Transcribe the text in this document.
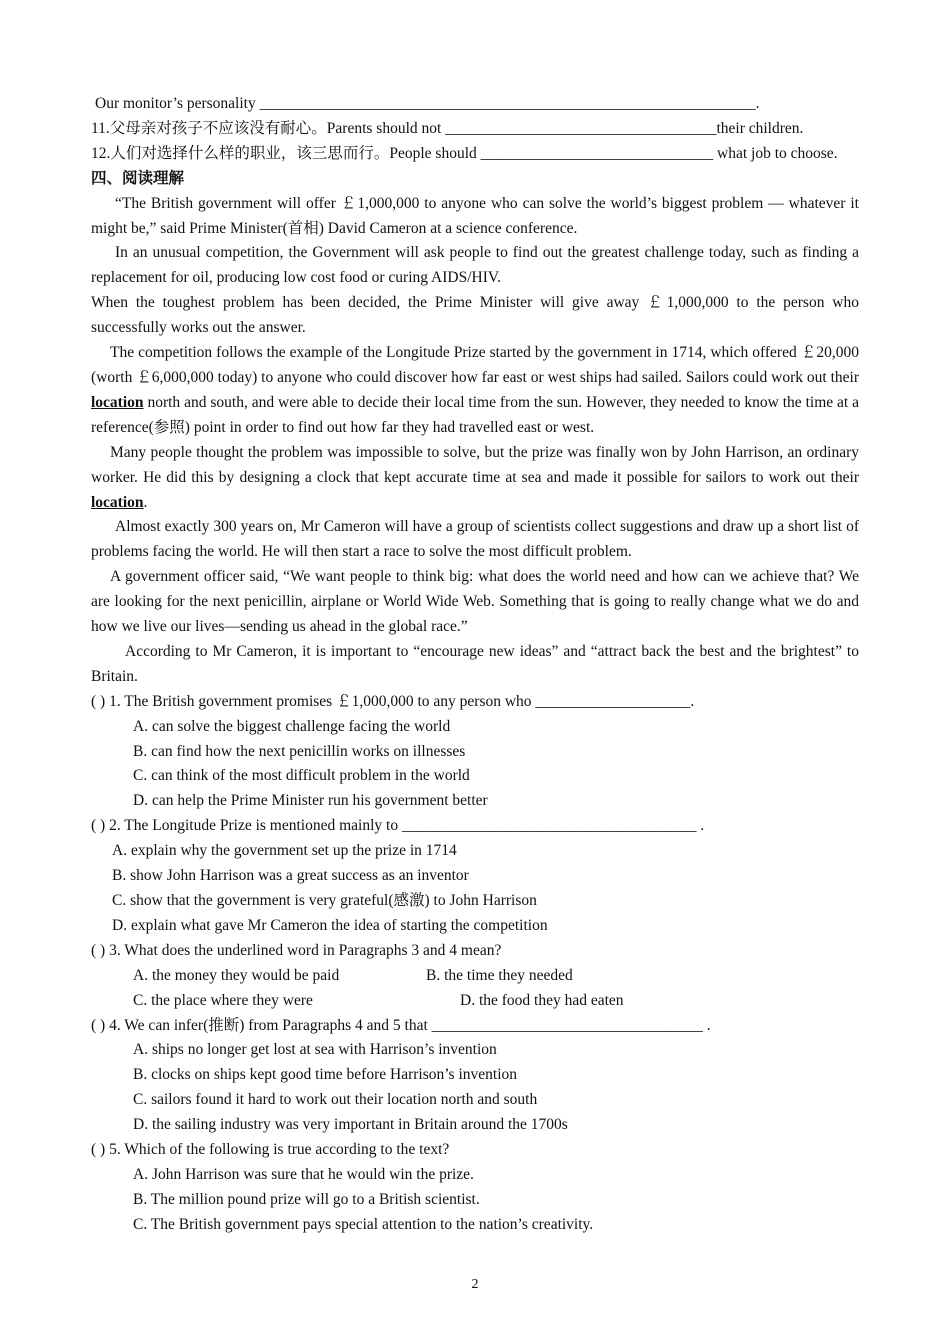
Our monitor’s personality ________________________________________________________________.
11.父母亲对孩子不应该没有耐心。Parents should not ___________________________________their children.
12.人们对选择什么样的职业，该三思而行。People should ______________________________ what job to choose.
四、阅读理解
“The British government will offer ￡1,000,000 to anyone who can solve the world’s biggest problem — whatever it might be,” said Prime Minister(首相) David Cameron at a science conference.
In an unusual competition, the Government will ask people to find out the greatest challenge today, such as finding a replacement for oil, producing low cost food or curing AIDS/HIV.
When the toughest problem has been decided, the Prime Minister will give away ￡1,000,000 to the person who successfully works out the answer.
The competition follows the example of the Longitude Prize started by the government in 1714, which offered ￡20,000 (worth ￡6,000,000 today) to anyone who could discover how far east or west ships had sailed. Sailors could work out their location north and south, and were able to decide their local time from the sun. However, they needed to know the time at a reference(参照) point in order to find out how far they had travelled east or west.
Many people thought the problem was impossible to solve, but the prize was finally won by John Harrison, an ordinary worker. He did this by designing a clock that kept accurate time at sea and made it possible for sailors to work out their location.
Almost exactly 300 years on, Mr Cameron will have a group of scientists collect suggestions and draw up a short list of problems facing the world. He will then start a race to solve the most difficult problem.
A government officer said, “We want people to think big: what does the world need and how can we achieve that? We are looking for the next penicillin, airplane or World Wide Web. Something that is going to really change what we do and how we live our lives—sending us ahead in the global race.”
According to Mr Cameron, it is important to “encourage new ideas” and “attract back the best and the brightest” to Britain.
( ) 1. The British government promises ￡1,000,000 to any person who ____________________.
A. can solve the biggest challenge facing the world
B. can find how the next penicillin works on illnesses
C. can think of the most difficult problem in the world
D. can help the Prime Minister run his government better
( ) 2. The Longitude Prize is mentioned mainly to ______________________________________ .
A. explain why the government set up the prize in 1714
B. show John Harrison was a great success as an inventor
C. show that the government is very grateful(感激) to John Harrison
D. explain what gave Mr Cameron the idea of starting the competition
( ) 3. What does the underlined word in Paragraphs 3 and 4 mean?
A. the money they would be paid	B. the time they needed
C. the place where they were	D. the food they had eaten
( ) 4. We can infer(推断) from Paragraphs 4 and 5 that ___________________________________ .
A. ships no longer get lost at sea with Harrison’s invention
B. clocks on ships kept good time before Harrison’s invention
C. sailors found it hard to work out their location north and south
D. the sailing industry was very important in Britain around the 1700s
( ) 5. Which of the following is true according to the text?
A. John Harrison was sure that he would win the prize.
B. The million pound prize will go to a British scientist.
C. The British government pays special attention to the nation’s creativity.
2
